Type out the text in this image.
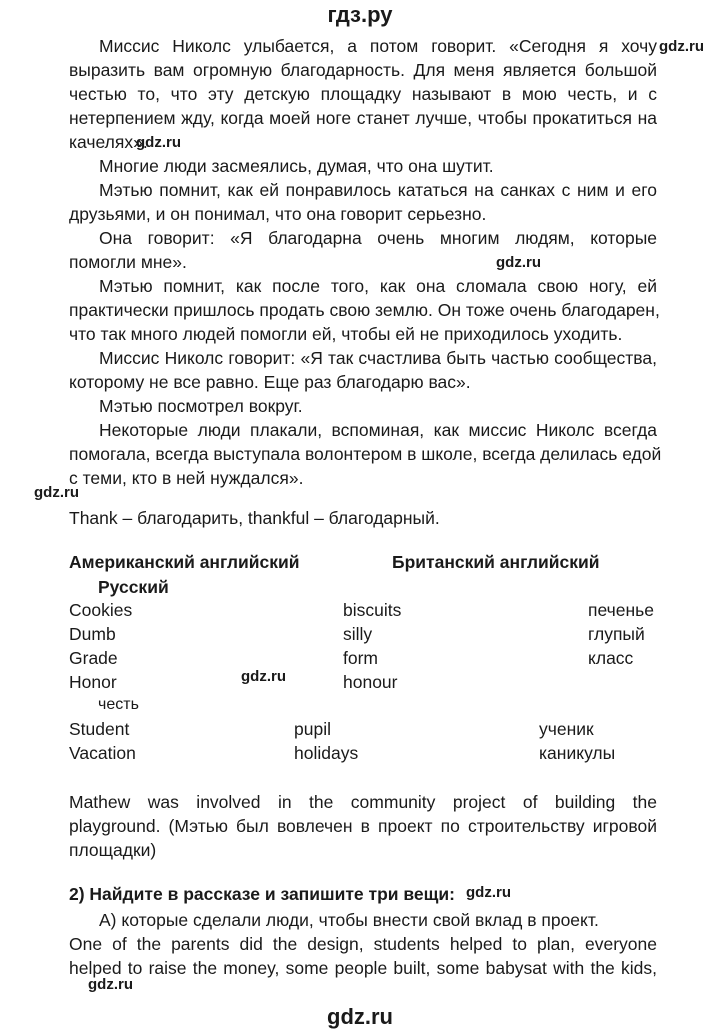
гдз.ру
Миссис Николс улыбается, а потом говорит. «Сегодня я хочу
выразить вам огромную благодарность. Для меня является большой
честью то, что эту детскую площадку называют в мою честь, и с
нетерпением жду, когда моей ноге станет лучше, чтобы прокатиться на
качелях».
Многие люди засмеялись, думая, что она шутит.
Мэтью помнит, как ей понравилось кататься на санках с ним и его
друзьями, и он понимал, что она говорит серьезно.
Она говорит: «Я благодарна очень многим людям, которые
помогли мне».
Мэтью помнит, как после того, как она сломала свою ногу, ей
практически пришлось продать свою землю. Он тоже очень благодарен,
что так много людей помогли ей, чтобы ей не приходилось уходить.
Миссис Николс говорит: «Я так счастлива быть частью сообщества,
которому не все равно. Еще раз благодарю вас».
Мэтью посмотрел вокруг.
Некоторые люди плакали, вспоминая, как миссис Николс всегда
помогала, всегда выступала волонтером в школе, всегда делилась едой
с теми, кто в ней нуждался».
gdz.ru
gdz.ru
gdz.ru
gdz.ru
gdz.ru
gdz.ru
gdz.ru
Thank – благодарить, thankful – благодарный.
Американский английский	Британский английский
Русский
Cookies	biscuits	печенье
Dumb	silly	глупый
Grade	form	класс
Honor	honour
честь
Student	pupil	ученик
Vacation	holidays	каникулы
Mathew was involved in the community project of building the
playground. (Мэтью был вовлечен в проект по строительству игровой
площадки)
2) Найдите в рассказе и запишите три вещи:
А) которые сделали люди, чтобы внести свой вклад в проект.
One of the parents did the design, students helped to plan, everyone
helped to raise the money, some people built, some babysat with the kids,
gdz.ru
